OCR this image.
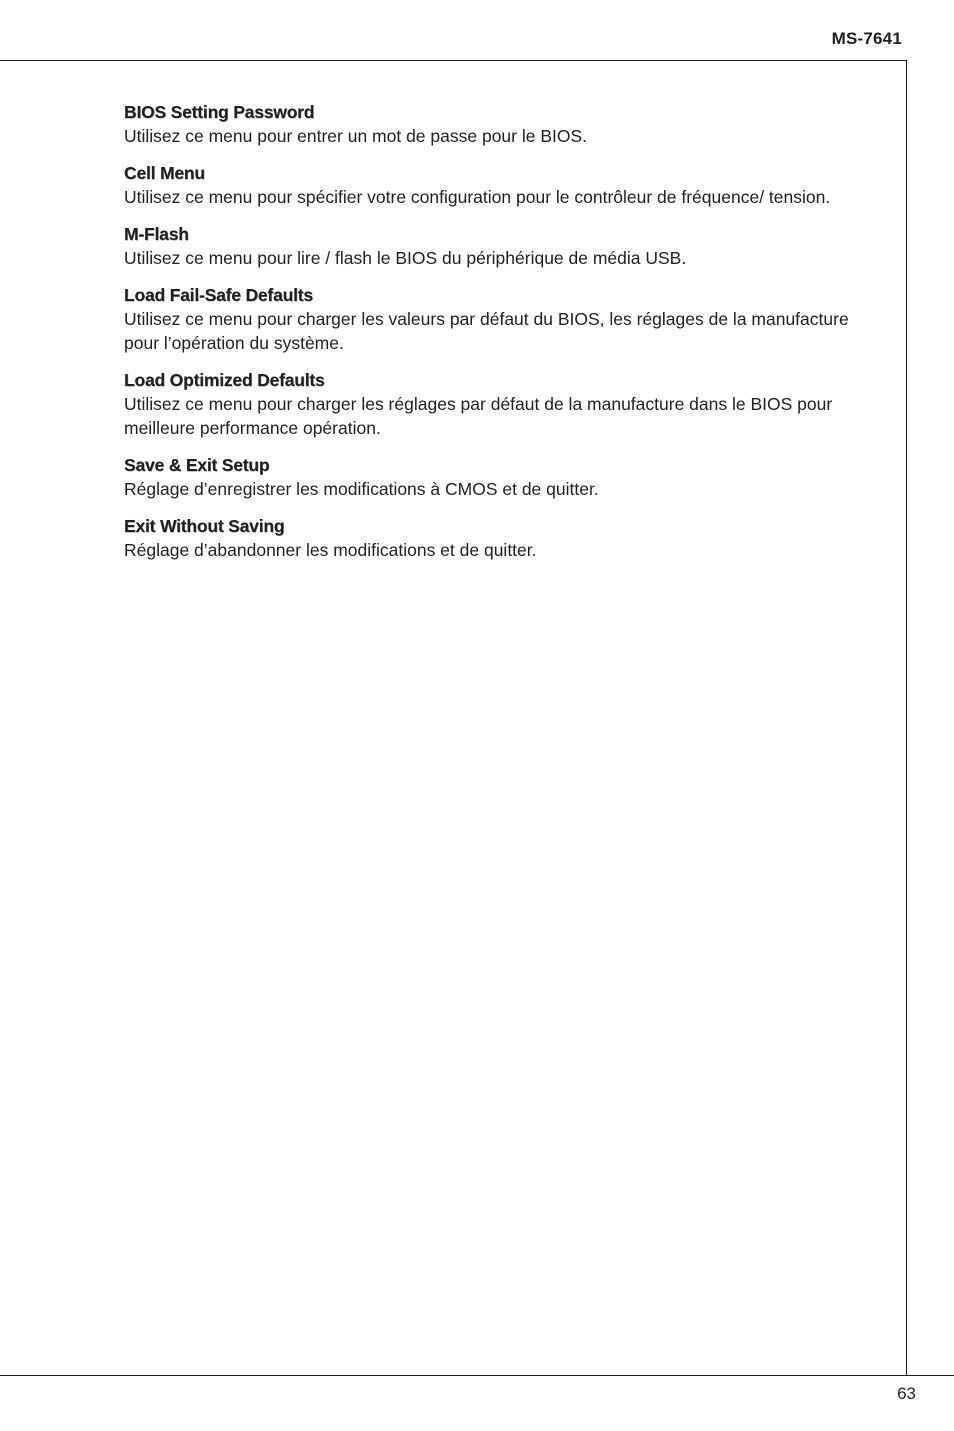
MS-7641
BIOS Setting Password
Utilisez ce menu pour entrer un mot de passe pour le BIOS.
Cell Menu
Utilisez ce menu pour spécifier votre configuration pour le contrôleur de fréquence/ tension.
M-Flash
Utilisez ce menu pour lire / flash le BIOS du périphérique de média USB.
Load Fail-Safe Defaults
Utilisez ce menu pour charger les valeurs par défaut du BIOS, les réglages de la manufacture pour l’opération du système.
Load Optimized Defaults
Utilisez ce menu pour charger les réglages par défaut de la manufacture dans le BIOS pour meilleure performance opération.
Save & Exit Setup
Réglage d’enregistrer les modifications à CMOS et de quitter.
Exit Without Saving
Réglage d’abandonner les modifications et de quitter.
63
